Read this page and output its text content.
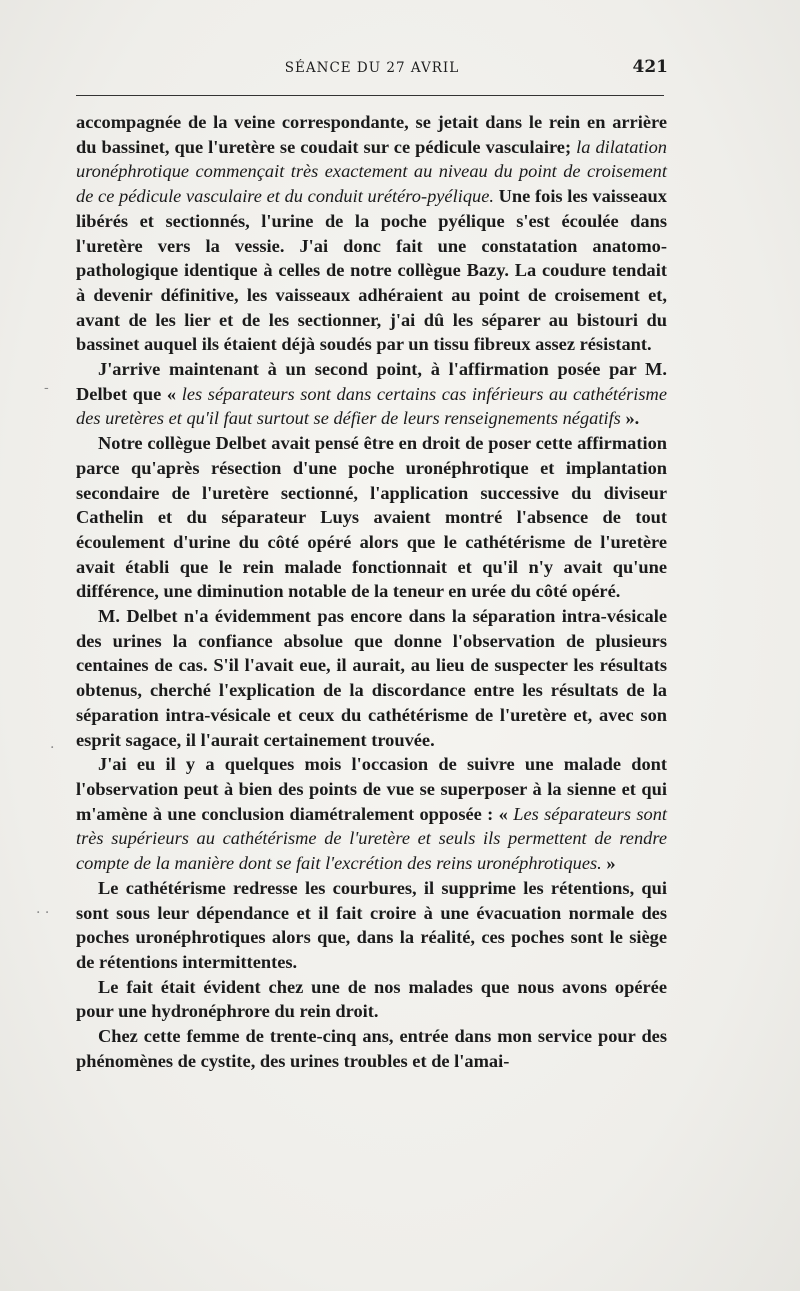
SÉANCE DU 27 AVRIL	421

accompagnée de la veine correspondante, se jetait dans le rein en arrière du bassinet, que l'uretère se coudait sur ce pédicule vasculaire; la dilatation uronéphrotique commençait très exactement au niveau du point de croisement de ce pédicule vasculaire et du conduit urétéro-pyélique. Une fois les vaisseaux libérés et sectionnés, l'urine de la poche pyélique s'est écoulée dans l'uretère vers la vessie. J'ai donc fait une constatation anatomo-pathologique identique à celles de notre collègue Bazy. La coudure tendait à devenir définitive, les vaisseaux adhéraient au point de croisement et, avant de les lier et de les sectionner, j'ai dû les séparer au bistouri du bassinet auquel ils étaient déjà soudés par un tissu fibreux assez résistant.

J'arrive maintenant à un second point, à l'affirmation posée par M. Delbet que « les séparateurs sont dans certains cas inférieurs au cathétérisme des uretères et qu'il faut surtout se défier de leurs renseignements négatifs ».

Notre collègue Delbet avait pensé être en droit de poser cette affirmation parce qu'après résection d'une poche uronéphrotique et implantation secondaire de l'uretère sectionné, l'application successive du diviseur Cathelin et du séparateur Luys avaient montré l'absence de tout écoulement d'urine du côté opéré alors que le cathétérisme de l'uretère avait établi que le rein malade fonctionnait et qu'il n'y avait qu'une différence, une diminution notable de la teneur en urée du côté opéré.

M. Delbet n'a évidemment pas encore dans la séparation intra-vésicale des urines la confiance absolue que donne l'observation de plusieurs centaines de cas. S'il l'avait eue, il aurait, au lieu de suspecter les résultats obtenus, cherché l'explication de la discordance entre les résultats de la séparation intra-vésicale et ceux du cathétérisme de l'uretère et, avec son esprit sagace, il l'aurait certainement trouvée.

J'ai eu il y a quelques mois l'occasion de suivre une malade dont l'observation peut à bien des points de vue se superposer à la sienne et qui m'amène à une conclusion diamétralement opposée : « Les séparateurs sont très supérieurs au cathétérisme de l'uretère et seuls ils permettent de rendre compte de la manière dont se fait l'excrétion des reins uronéphrotiques. »

Le cathétérisme redresse les courbures, il supprime les rétentions, qui sont sous leur dépendance et il fait croire à une évacuation normale des poches uronéphrotiques alors que, dans la réalité, ces poches sont le siège de rétentions intermittentes.

Le fait était évident chez une de nos malades que nous avons opérée pour une hydronéphrore du rein droit.

Chez cette femme de trente-cinq ans, entrée dans mon service pour des phénomènes de cystite, des urines troubles et de l'amai-

-
·
· ·
